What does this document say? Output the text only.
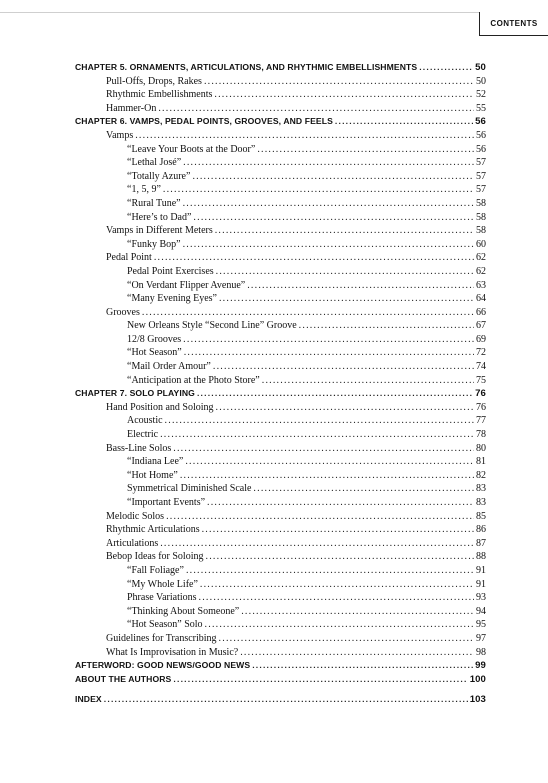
CONTENTS
CHAPTER 5. ORNAMENTS, ARTICULATIONS, AND RHYTHMIC EMBELLISHMENTS .....	50
Pull-Offs, Drops, Rakes .....	50
Rhythmic Embellishments .....	52
Hammer-On .....	55
CHAPTER 6. VAMPS, PEDAL POINTS, GROOVES, AND FEELS .....	56
Vamps .....	56
“Leave Your Boots at the Door” .....	56
“Lethal José” .....	57
“Totally Azure” .....	57
“1, 5, 9” .....	57
“Rural Tune” .....	58
“Here’s to Dad” .....	58
Vamps in Different Meters .....	58
“Funky Bop” .....	60
Pedal Point .....	62
Pedal Point Exercises .....	62
“On Verdant Flipper Avenue” .....	63
“Many Evening Eyes” .....	64
Grooves .....	66
New Orleans Style “Second Line” Groove .....	67
12/8 Grooves .....	69
“Hot Season” .....	72
“Mail Order Amour” .....	74
“Anticipation at the Photo Store” .....	75
CHAPTER 7. SOLO PLAYING .....	76
Hand Position and Soloing .....	76
Acoustic .....	77
Electric .....	78
Bass-Line Solos .....	80
“Indiana Lee” .....	81
“Hot Home” .....	82
Symmetrical Diminished Scale .....	83
“Important Events” .....	83
Melodic Solos .....	85
Rhythmic Articulations .....	86
Articulations .....	87
Bebop Ideas for Soloing .....	88
“Fall Foliage” .....	91
“My Whole Life” .....	91
Phrase Variations .....	93
“Thinking About Someone” .....	94
“Hot Season” Solo .....	95
Guidelines for Transcribing .....	97
What Is Improvisation in Music? .....	98
AFTERWORD: GOOD NEWS/GOOD NEWS .....	99
ABOUT THE AUTHORS .....	100
INDEX .....	103
